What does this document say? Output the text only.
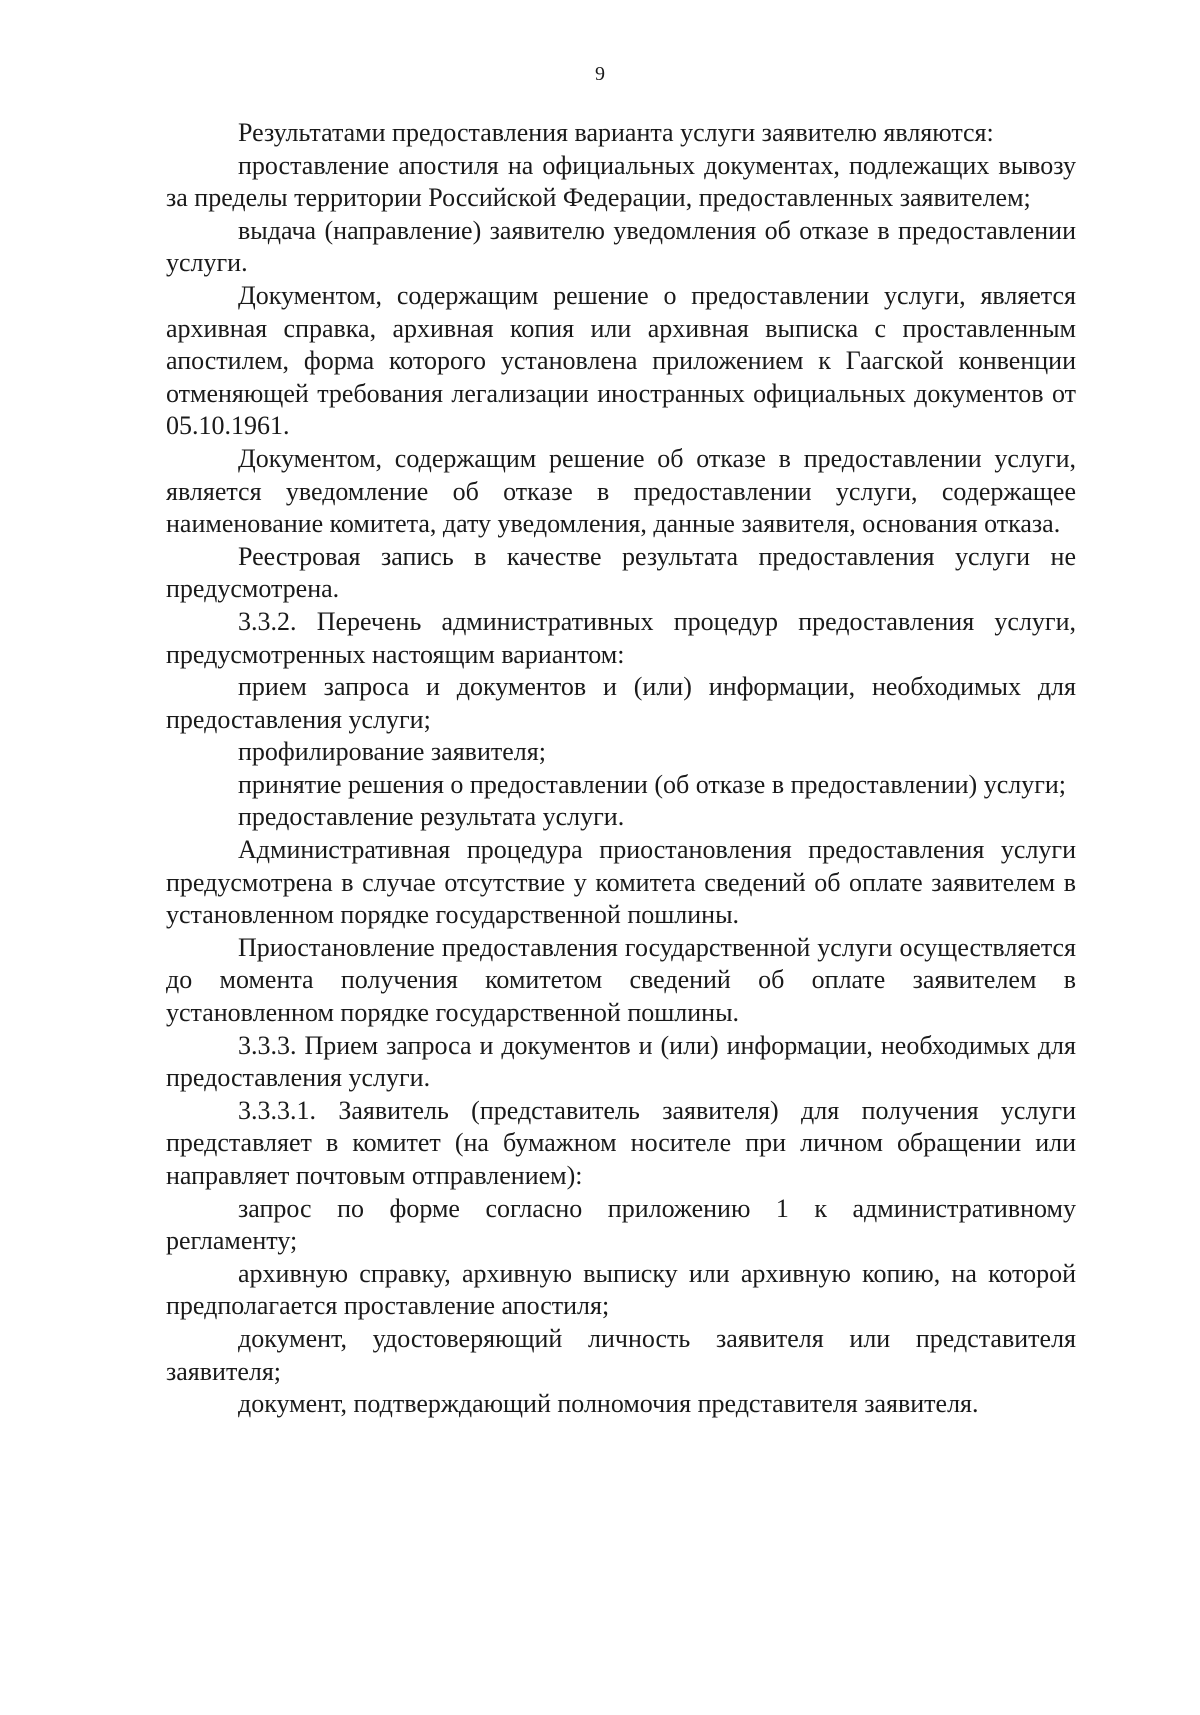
9

Результатами предоставления варианта услуги заявителю являются:

проставление апостиля на официальных документах, подлежащих вывозу за пределы территории Российской Федерации, предоставленных заявителем;

выдача (направление) заявителю уведомления об отказе в предоставлении услуги.

Документом, содержащим решение о предоставлении услуги, является архивная справка, архивная копия или архивная выписка с проставленным апостилем, форма которого установлена приложением к Гаагской конвенции отменяющей требования легализации иностранных официальных документов от 05.10.1961.

Документом, содержащим решение об отказе в предоставлении услуги, является уведомление об отказе в предоставлении услуги, содержащее наименование комитета, дату уведомления, данные заявителя, основания отказа.

Реестровая запись в качестве результата предоставления услуги не предусмотрена.

3.3.2. Перечень административных процедур предоставления услуги, предусмотренных настоящим вариантом:

прием запроса и документов и (или) информации, необходимых для предоставления услуги;

профилирование заявителя;

принятие решения о предоставлении (об отказе в предоставлении) услуги;

предоставление результата услуги.

Административная процедура приостановления предоставления услуги предусмотрена в случае отсутствие у комитета сведений об оплате заявителем в установленном порядке государственной пошлины.

Приостановление предоставления государственной услуги осуществляется до момента получения комитетом сведений об оплате заявителем в установленном порядке государственной пошлины.

3.3.3. Прием запроса и документов и (или) информации, необходимых для предоставления услуги.

3.3.3.1. Заявитель (представитель заявителя) для получения услуги представляет в комитет (на бумажном носителе при личном обращении или направляет почтовым отправлением):

запрос по форме согласно приложению 1 к административному регламенту;

архивную справку, архивную выписку или архивную копию, на которой предполагается проставление апостиля;

документ, удостоверяющий личность заявителя или представителя заявителя;

документ, подтверждающий полномочия представителя заявителя.
